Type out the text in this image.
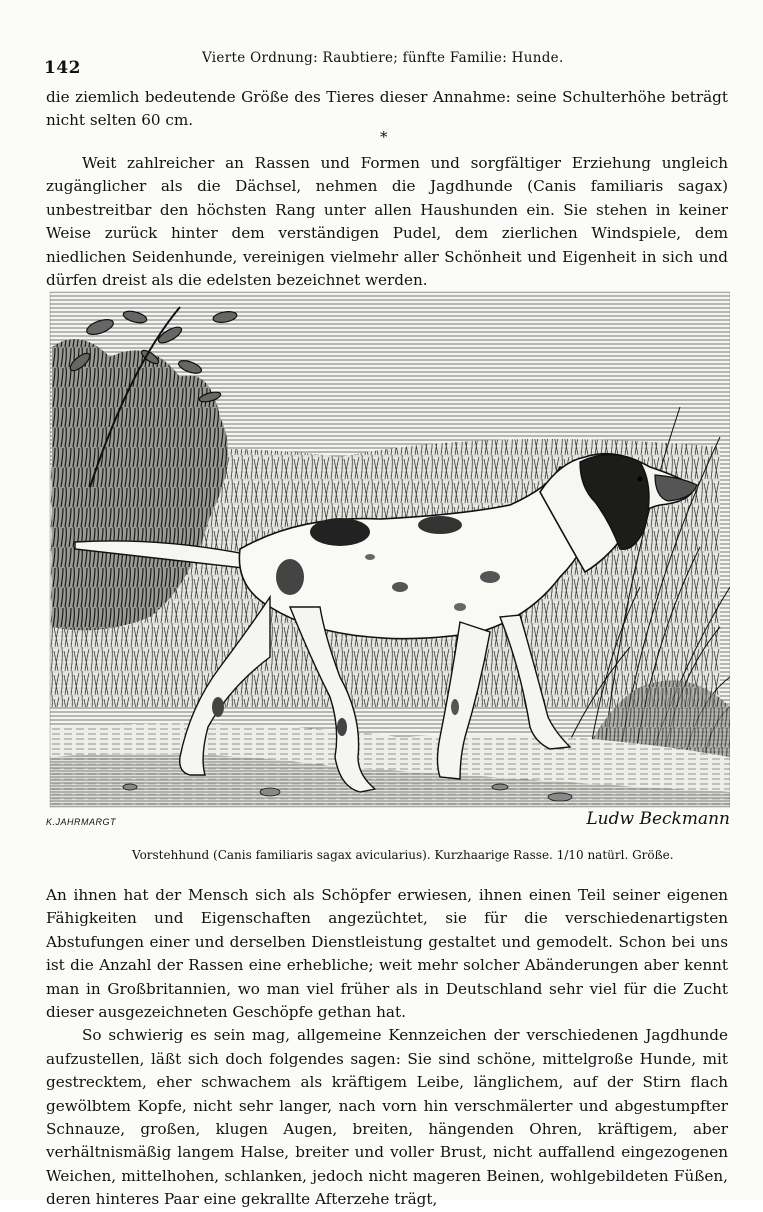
142	Vierte Ordnung: Raubtiere; fünfte Familie: Hunde.

die ziemlich bedeutende Größe des Tieres dieser Annahme: seine Schulterhöhe beträgt nicht selten 60 cm.

*

Weit zahlreicher an Rassen und Formen und sorgfältiger Erziehung ungleich zugänglicher als die Dächsel, nehmen die Jagdhunde (Canis familiaris sagax) unbestreitbar den höchsten Rang unter allen Haushunden ein. Sie stehen in keiner Weise zurück hinter dem verständigen Pudel, dem zierlichen Windspiele, dem niedlichen Seidenhunde, vereinigen vielmehr aller Schönheit und Eigenheit in sich und dürfen dreist als die edelsten bezeichnet werden.

K.JAHRMARGT	Ludw Beckmann
Vorstehhund (Canis familiaris sagax avicularius). Kurzhaarige Rasse. 1/10 natürl. Größe.

An ihnen hat der Mensch sich als Schöpfer erwiesen, ihnen einen Teil seiner eigenen Fähigkeiten und Eigenschaften angezüchtet, sie für die verschiedenartigsten Abstufungen einer und derselben Dienstleistung gestaltet und gemodelt. Schon bei uns ist die Anzahl der Rassen eine erhebliche; weit mehr solcher Abänderungen aber kennt man in Großbritannien, wo man viel früher als in Deutschland sehr viel für die Zucht dieser ausgezeichneten Geschöpfe gethan hat.

So schwierig es sein mag, allgemeine Kennzeichen der verschiedenen Jagdhunde aufzustellen, läßt sich doch folgendes sagen: Sie sind schöne, mittelgroße Hunde, mit gestrecktem, eher schwachem als kräftigem Leibe, länglichem, auf der Stirn flach gewölbtem Kopfe, nicht sehr langer, nach vorn hin verschmälerter und abgestumpfter Schnauze, großen, klugen Augen, breiten, hängenden Ohren, kräftigem, aber verhältnismäßig langem Halse, breiter und voller Brust, nicht auffallend eingezogenen Weichen, mittelhohen, schlanken, jedoch nicht mageren Beinen, wohlgebildeten Füßen, deren hinteres Paar eine gekrallte Afterzehe trägt,
